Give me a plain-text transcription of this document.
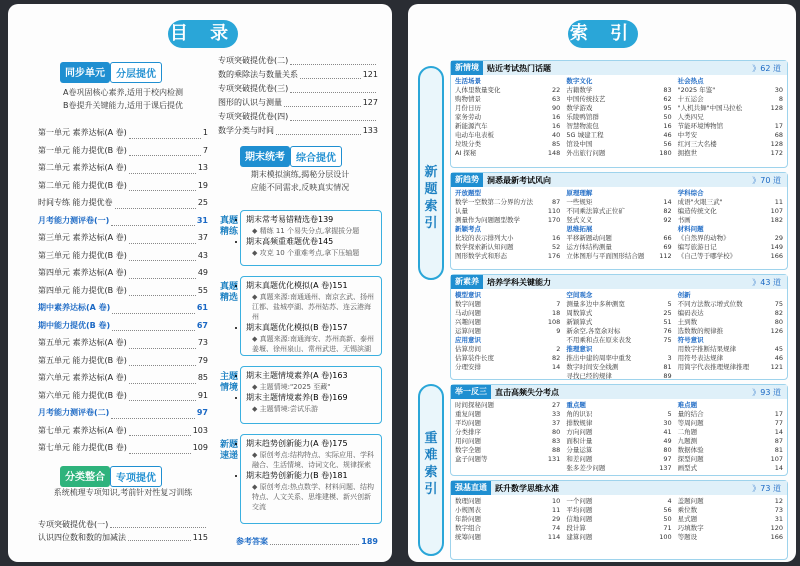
目 录
同步单元	分层提优
A卷巩固核心素养,适用于校内检测
B卷提升关键能力,适用于课后提优
第一单元 素养达标(A 卷)	1
第一单元 能力提优(B 卷)	7
第二单元 素养达标(A 卷)	13
第二单元 能力提优(B 卷)	19
时间专练 能力提优卷	25
月考能力测评卷(一)	31
第三单元 素养达标(A 卷)	37
第三单元 能力提优(B 卷)	43
第四单元 素养达标(A 卷)	49
第四单元 能力提优(B 卷)	55
期中素养达标(A 卷)	61
期中能力提优(B 卷)	67
第五单元 素养达标(A 卷)	73
第五单元 能力提优(B 卷)	79
第六单元 素养达标(A 卷)	85
第六单元 能力提优(B 卷)	91
月考能力测评卷(二)	97
第七单元 素养达标(A 卷)	103
第七单元 能力提优(B 卷)	109
分类整合	专项提优
系统梳理专项知识,考前针对性复习训练
专项突破提优卷(一)
认识四位数和数的加减法	115
专项突破提优卷(二)
数的乘除法与数量关系	121
专项突破提优卷(三)
图形的认识与测量	127
专项突破提优卷(四)
数学分类与时间	133
期末统考	综合提优
期末模拟演练,揭秘分层设计
应能不同需求,反映真实情况
真题精练
• 期末常考易错精选卷139
◆ 精练 11 个易失分点,掌握拔分题
• 期末高频重难题优卷145
◆ 攻克 10 个重难考点,拿下压轴题
真题精选
• 期末真题优化模拟(A 卷)151
◆ 真题来源:南通通州、南京玄武、扬州江都、盐城亭湖、苏州姑苏、连云港海州
• 期末真题优化模拟(B 卷)157
◆ 真题来源:南通海安、苏州高新、泰州姜堰、徐州泉山、常州武进、无锡滨湖
主题情境
• 期末主题情境素养(A 卷)163
◆ 主题情境:"2025 至藏"
• 期末主题情境素养(B 卷)169
◆ 主题情境:尝试乐游
新题速递
• 期末趋势创新能力(A 卷)175
◆ 原创考点:结构特点、实际应用、学科融合、生活情境、诗词文化、规律探索
• 期末趋势创新能力(B 卷)181
◆ 原创考点:热点数学、材料问题、结构特点、人文关系、思维建模、新兴创新交流
参考答案	189
索 引
新
题
索
引
重
难
索
引
新情境	贴近考试热门话题	》62 道
生活场景
人体里数量变化	22
购物情景	63
月份日历	90
家务劳动	16
新能源汽车	16
电动车电表板	40
垃圾分类	85
AI 探秘	148
数字文化
古籍数学	83
中国传统技艺	62
数学游戏	95
乐陵鸭馆群	50
智慧物流包	16
5G 城建工程	46
馆设中国	56
外出旅行问题	180
社会热点
"2025 年鉴"	30
十五运会	8
"人机共舞"中国马拉松	128
人类四兄
节能环境博物馆	17
中考安	68
红河三大名楼	128
拥抱世	172
新趋势	洞悉最新考试风向	》70 道
开放题型
数学一空数第二分界的方法	87
认量	110
测量作为问题题型教学	170
新颖考点
比较的表示排列大小	16
数学探索新认知问题	52
图形数学式和形态	176
原理理解
一些规矩	14
不同乘法算式正位矿	82
竖式义义	92
思维拓展
平移新题动问题	66
运方体结构测量	69
立体图形与平面图形结合题 112
学科综合
成语"火眼三武"	11
编造传统文化	107
书画	182
材料问题
《自然界的动物》	29
编写旅游日记	149
《自己等于哪学校》	166
新素养	培养学科关键能力	》43 道
模型意识
数字问题	7
马动问题	18
兴趣问题	108
运算问题	9
应用意识
估算房间	2
估算装件长度	82
分理安排	14
空间观念
测量多边中多种测宽	5
周数算式	25
新颖算式	51
新余空,各宽余对标	76
不用乘和点在原来表发	75
推理意识
推出中建的周率中重发	3
数字时间安全线测	81
寻找已经的规律	89
创新
不同方法数示增式位数	75
编码表达	82
土到数	80
选数数的规律推	126
符号意识
用数字推断结果规律	45
用符号表达规律	46
用简字代表推理规律推理	121
举一反三	直击高频失分考点	》93 道
时间探秘问题	27
重复问题	33
平均问题	37
分类排序	80
用问问题	83
数字全题	88
盒子问题等	131
重点题
角的识识	5
排数规律	30
方向问题	41
面积计量	49
分量运算	80
和差问题	97
张多差少问题	137
难点题
量的结合	17
等周问题	77
二角题	14
九题测	87
数据体验	81
探型问题	107
画型式	14
强基直通	跃升数学思维水准	》73 道
数理问题	10
小规图表	11
年龄问题	29
数字组合	74
统筹问题	114
一个问题	4
平均问题	56
信地问题	50
段计算	71
建算问题	100
盖题问题	12
乘位数	73
星式题	31
巧填数字	120
等题设	166
